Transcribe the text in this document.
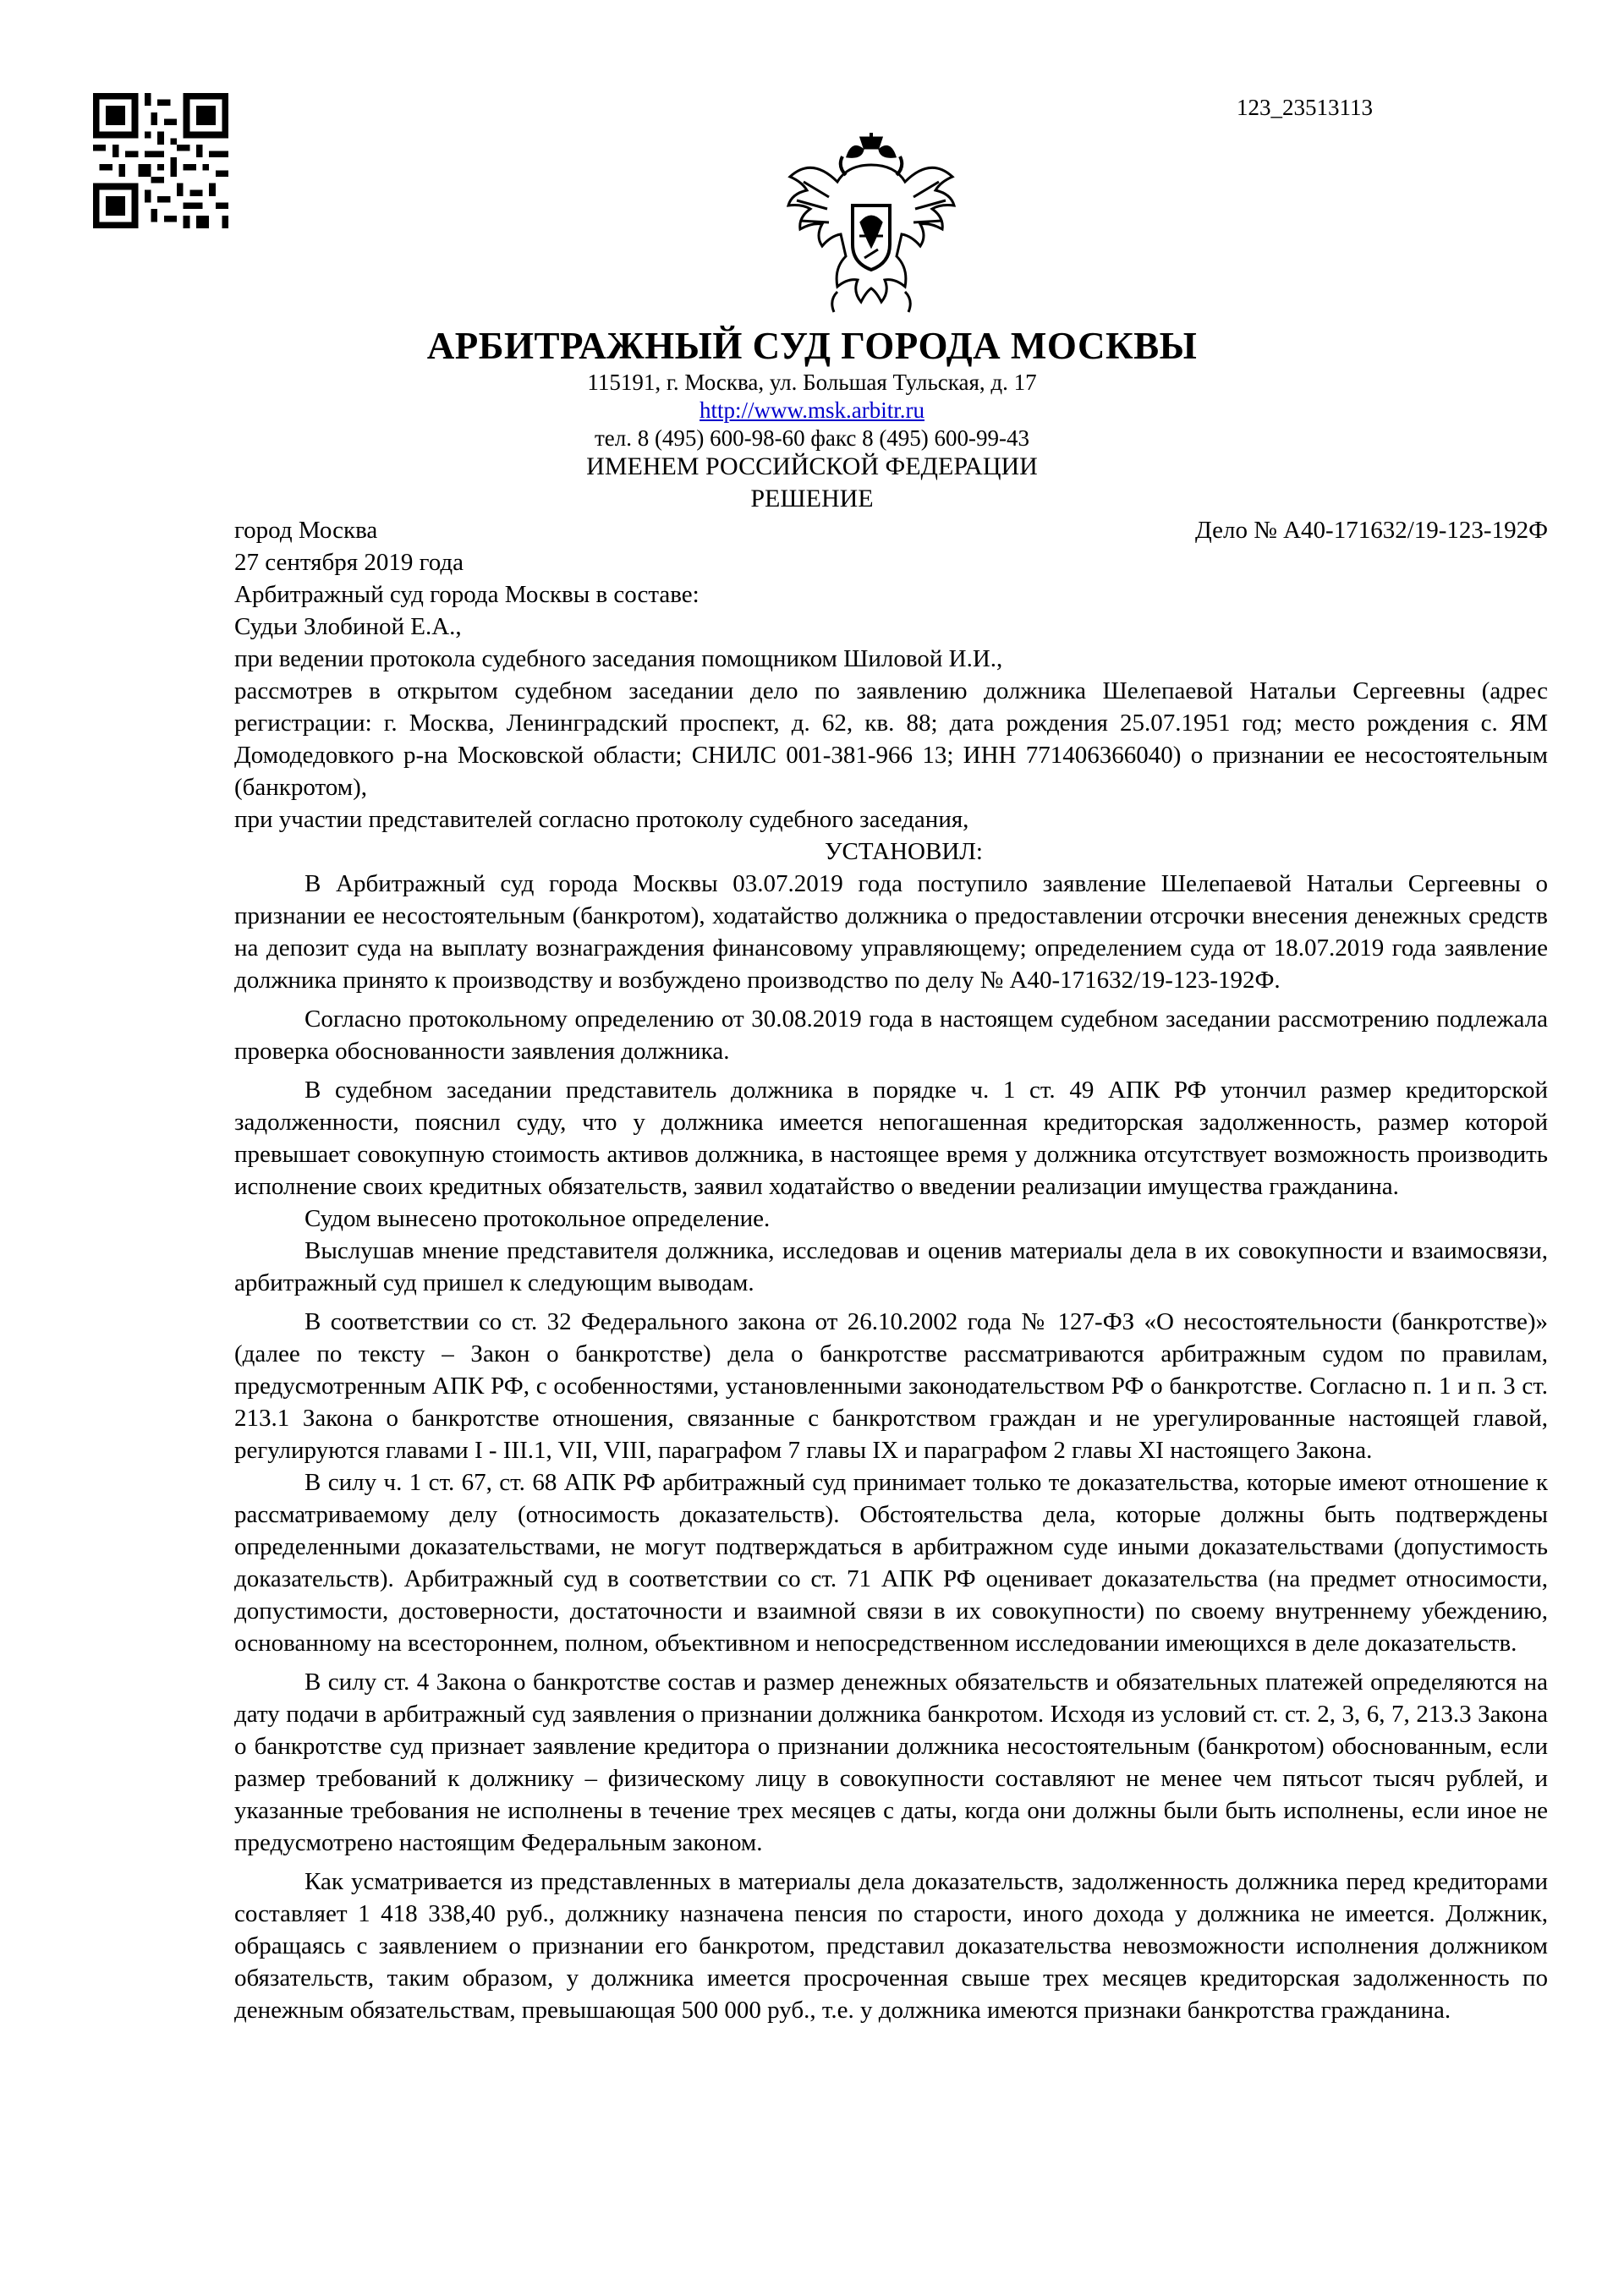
123_23513113
АРБИТРАЖНЫЙ СУД ГОРОДА МОСКВЫ
115191, г. Москва, ул. Большая Тульская, д. 17
http://www.msk.arbitr.ru
тел. 8 (495) 600-98-60 факс 8 (495) 600-99-43
ИМЕНЕМ РОССИЙСКОЙ ФЕДЕРАЦИИ
РЕШЕНИЕ
город Москва	Дело № А40-171632/19-123-192Ф

27 сентября 2019 года

Арбитражный суд города Москвы в составе:

Судьи Злобиной Е.А.,

при ведении протокола судебного заседания помощником Шиловой И.И.,

рассмотрев в открытом судебном заседании дело по заявлению должника Шелепаевой Натальи Сергеевны (адрес регистрации: г. Москва, Ленинградский проспект, д. 62, кв. 88; дата рождения 25.07.1951 год; место рождения с. ЯМ Домодедовкого р-на Московской области; СНИЛС 001-381-966 13; ИНН 771406366040) о признании ее несостоятельным (банкротом),

при участии представителей согласно протоколу судебного заседания,

УСТАНОВИЛ:

В Арбитражный суд города Москвы 03.07.2019 года поступило заявление Шелепаевой Натальи Сергеевны о признании ее несостоятельным (банкротом), ходатайство должника о предоставлении отсрочки внесения денежных средств на депозит суда на выплату вознаграждения финансовому управляющему; определением суда от 18.07.2019 года заявление должника принято к производству и возбуждено производство по делу № А40-171632/19-123-192Ф.

Согласно протокольному определению от 30.08.2019 года в настоящем судебном заседании рассмотрению подлежала проверка обоснованности заявления должника.

В судебном заседании представитель должника в порядке ч. 1 ст. 49 АПК РФ утончил размер кредиторской задолженности, пояснил суду, что у должника имеется непогашенная кредиторская задолженность, размер которой превышает совокупную стоимость активов должника, в настоящее время у должника отсутствует возможность производить исполнение своих кредитных обязательств, заявил ходатайство о введении реализации имущества гражданина.

Судом вынесено протокольное определение.

Выслушав мнение представителя должника, исследовав и оценив материалы дела в их совокупности и взаимосвязи, арбитражный суд пришел к следующим выводам.

В соответствии со ст. 32 Федерального закона от 26.10.2002 года № 127-ФЗ «О несостоятельности (банкротстве)» (далее по тексту – Закон о банкротстве) дела о банкротстве рассматриваются арбитражным судом по правилам, предусмотренным АПК РФ, с особенностями, установленными законодательством РФ о банкротстве. Согласно п. 1 и п. 3 ст. 213.1 Закона о банкротстве отношения, связанные с банкротством граждан и не урегулированные настоящей главой, регулируются главами I - III.1, VII, VIII, параграфом 7 главы IX и параграфом 2 главы XI настоящего Закона.

В силу ч. 1 ст. 67, ст. 68 АПК РФ арбитражный суд принимает только те доказательства, которые имеют отношение к рассматриваемому делу (относимость доказательств). Обстоятельства дела, которые должны быть подтверждены определенными доказательствами, не могут подтверждаться в арбитражном суде иными доказательствами (допустимость доказательств). Арбитражный суд в соответствии со ст. 71 АПК РФ оценивает доказательства (на предмет относимости, допустимости, достоверности, достаточности и взаимной связи в их совокупности) по своему внутреннему убеждению, основанному на всестороннем, полном, объективном и непосредственном исследовании имеющихся в деле доказательств.

В силу ст. 4 Закона о банкротстве состав и размер денежных обязательств и обязательных платежей определяются на дату подачи в арбитражный суд заявления о признании должника банкротом. Исходя из условий ст. ст. 2, 3, 6, 7, 213.3 Закона о банкротстве суд признает заявление кредитора о признании должника несостоятельным (банкротом) обоснованным, если размер требований к должнику – физическому лицу в совокупности составляют не менее чем пятьсот тысяч рублей, и указанные требования не исполнены в течение трех месяцев с даты, когда они должны были быть исполнены, если иное не предусмотрено настоящим Федеральным законом.

Как усматривается из представленных в материалы дела доказательств, задолженность должника перед кредиторами составляет 1 418 338,40 руб., должнику назначена пенсия по старости, иного дохода у должника не имеется. Должник, обращаясь с заявлением о признании его банкротом, представил доказательства невозможности исполнения должником обязательств, таким образом, у должника имеется просроченная свыше трех месяцев кредиторская задолженность по денежным обязательствам, превышающая 500 000 руб., т.е. у должника имеются признаки банкротства гражданина.
